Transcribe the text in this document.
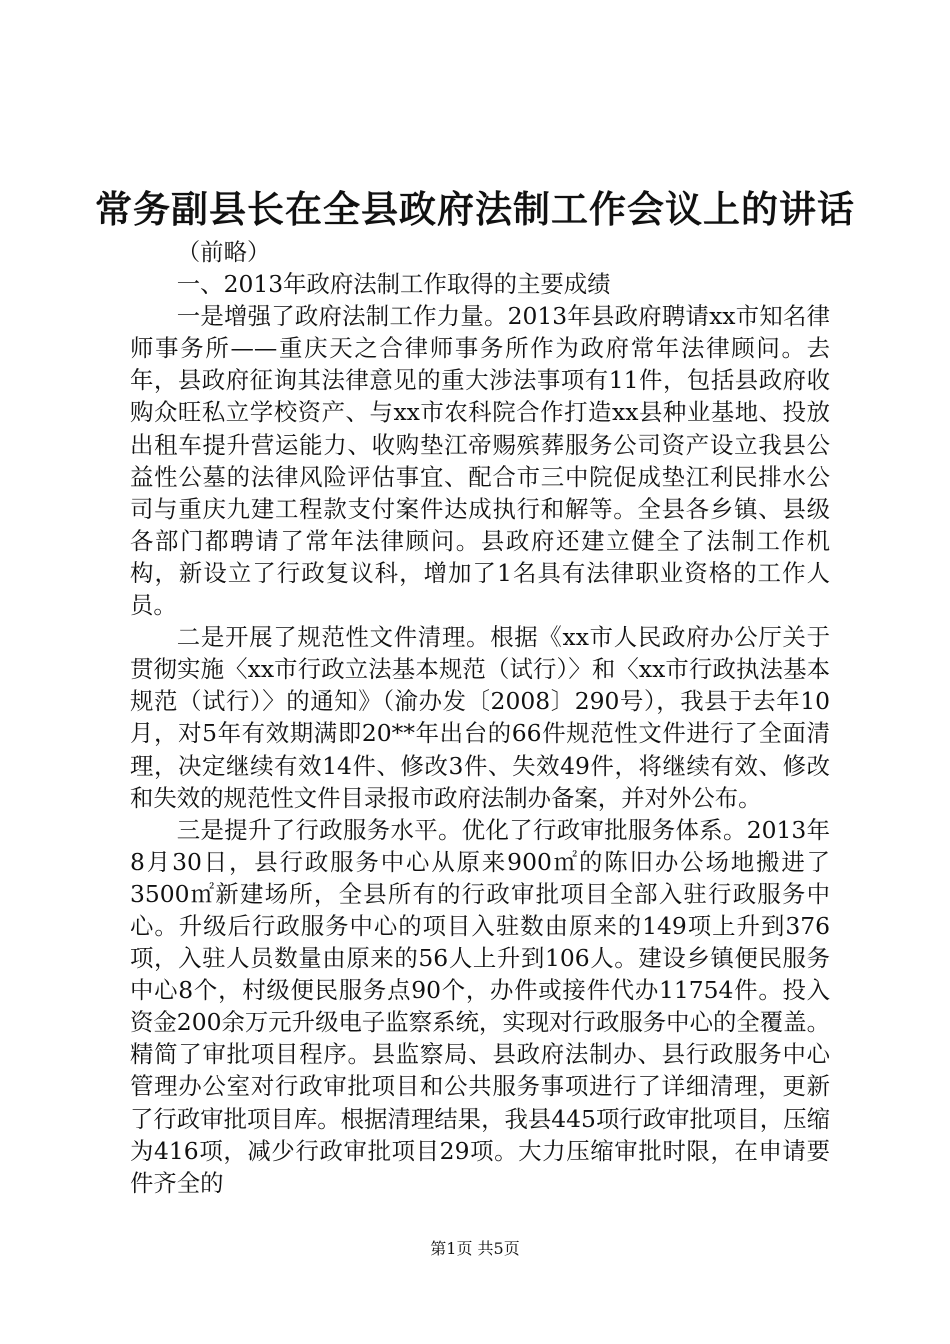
常务副县长在全县政府法制工作会议上的讲话

（前略）

一、2013年政府法制工作取得的主要成绩

一是增强了政府法制工作力量。2013年县政府聘请xx市知名律师事务所——重庆天之合律师事务所作为政府常年法律顾问。去年，县政府征询其法律意见的重大涉法事项有11件，包括县政府收购众旺私立学校资产、与xx市农科院合作打造xx县种业基地、投放出租车提升营运能力、收购垫江帝赐殡葬服务公司资产设立我县公益性公墓的法律风险评估事宜、配合市三中院促成垫江利民排水公司与重庆九建工程款支付案件达成执行和解等。全县各乡镇、县级各部门都聘请了常年法律顾问。县政府还建立健全了法制工作机构，新设立了行政复议科，增加了1名具有法律职业资格的工作人员。

二是开展了规范性文件清理。根据《xx市人民政府办公厅关于贯彻实施〈xx市行政立法基本规范（试行）〉和〈xx市行政执法基本规范（试行）〉的通知》（渝办发〔2008〕290号），我县于去年10月，对5年有效期满即20**年出台的66件规范性文件进行了全面清理，决定继续有效14件、修改3件、失效49件，将继续有效、修改和失效的规范性文件目录报市政府法制办备案，并对外公布。

三是提升了行政服务水平。优化了行政审批服务体系。2013年8月30日，县行政服务中心从原来900㎡的陈旧办公场地搬进了3500㎡新建场所，全县所有的行政审批项目全部入驻行政服务中心。升级后行政服务中心的项目入驻数由原来的149项上升到376项，入驻人员数量由原来的56人上升到106人。建设乡镇便民服务中心8个，村级便民服务点90个，办件或接件代办11754件。投入资金200余万元升级电子监察系统，实现对行政服务中心的全覆盖。精简了审批项目程序。县监察局、县政府法制办、县行政服务中心管理办公室对行政审批项目和公共服务事项进行了详细清理，更新了行政审批项目库。根据清理结果，我县445项行政审批项目，压缩为416项，减少行政审批项目29项。大力压缩审批时限，在申请要件齐全的

第1页 共5页
